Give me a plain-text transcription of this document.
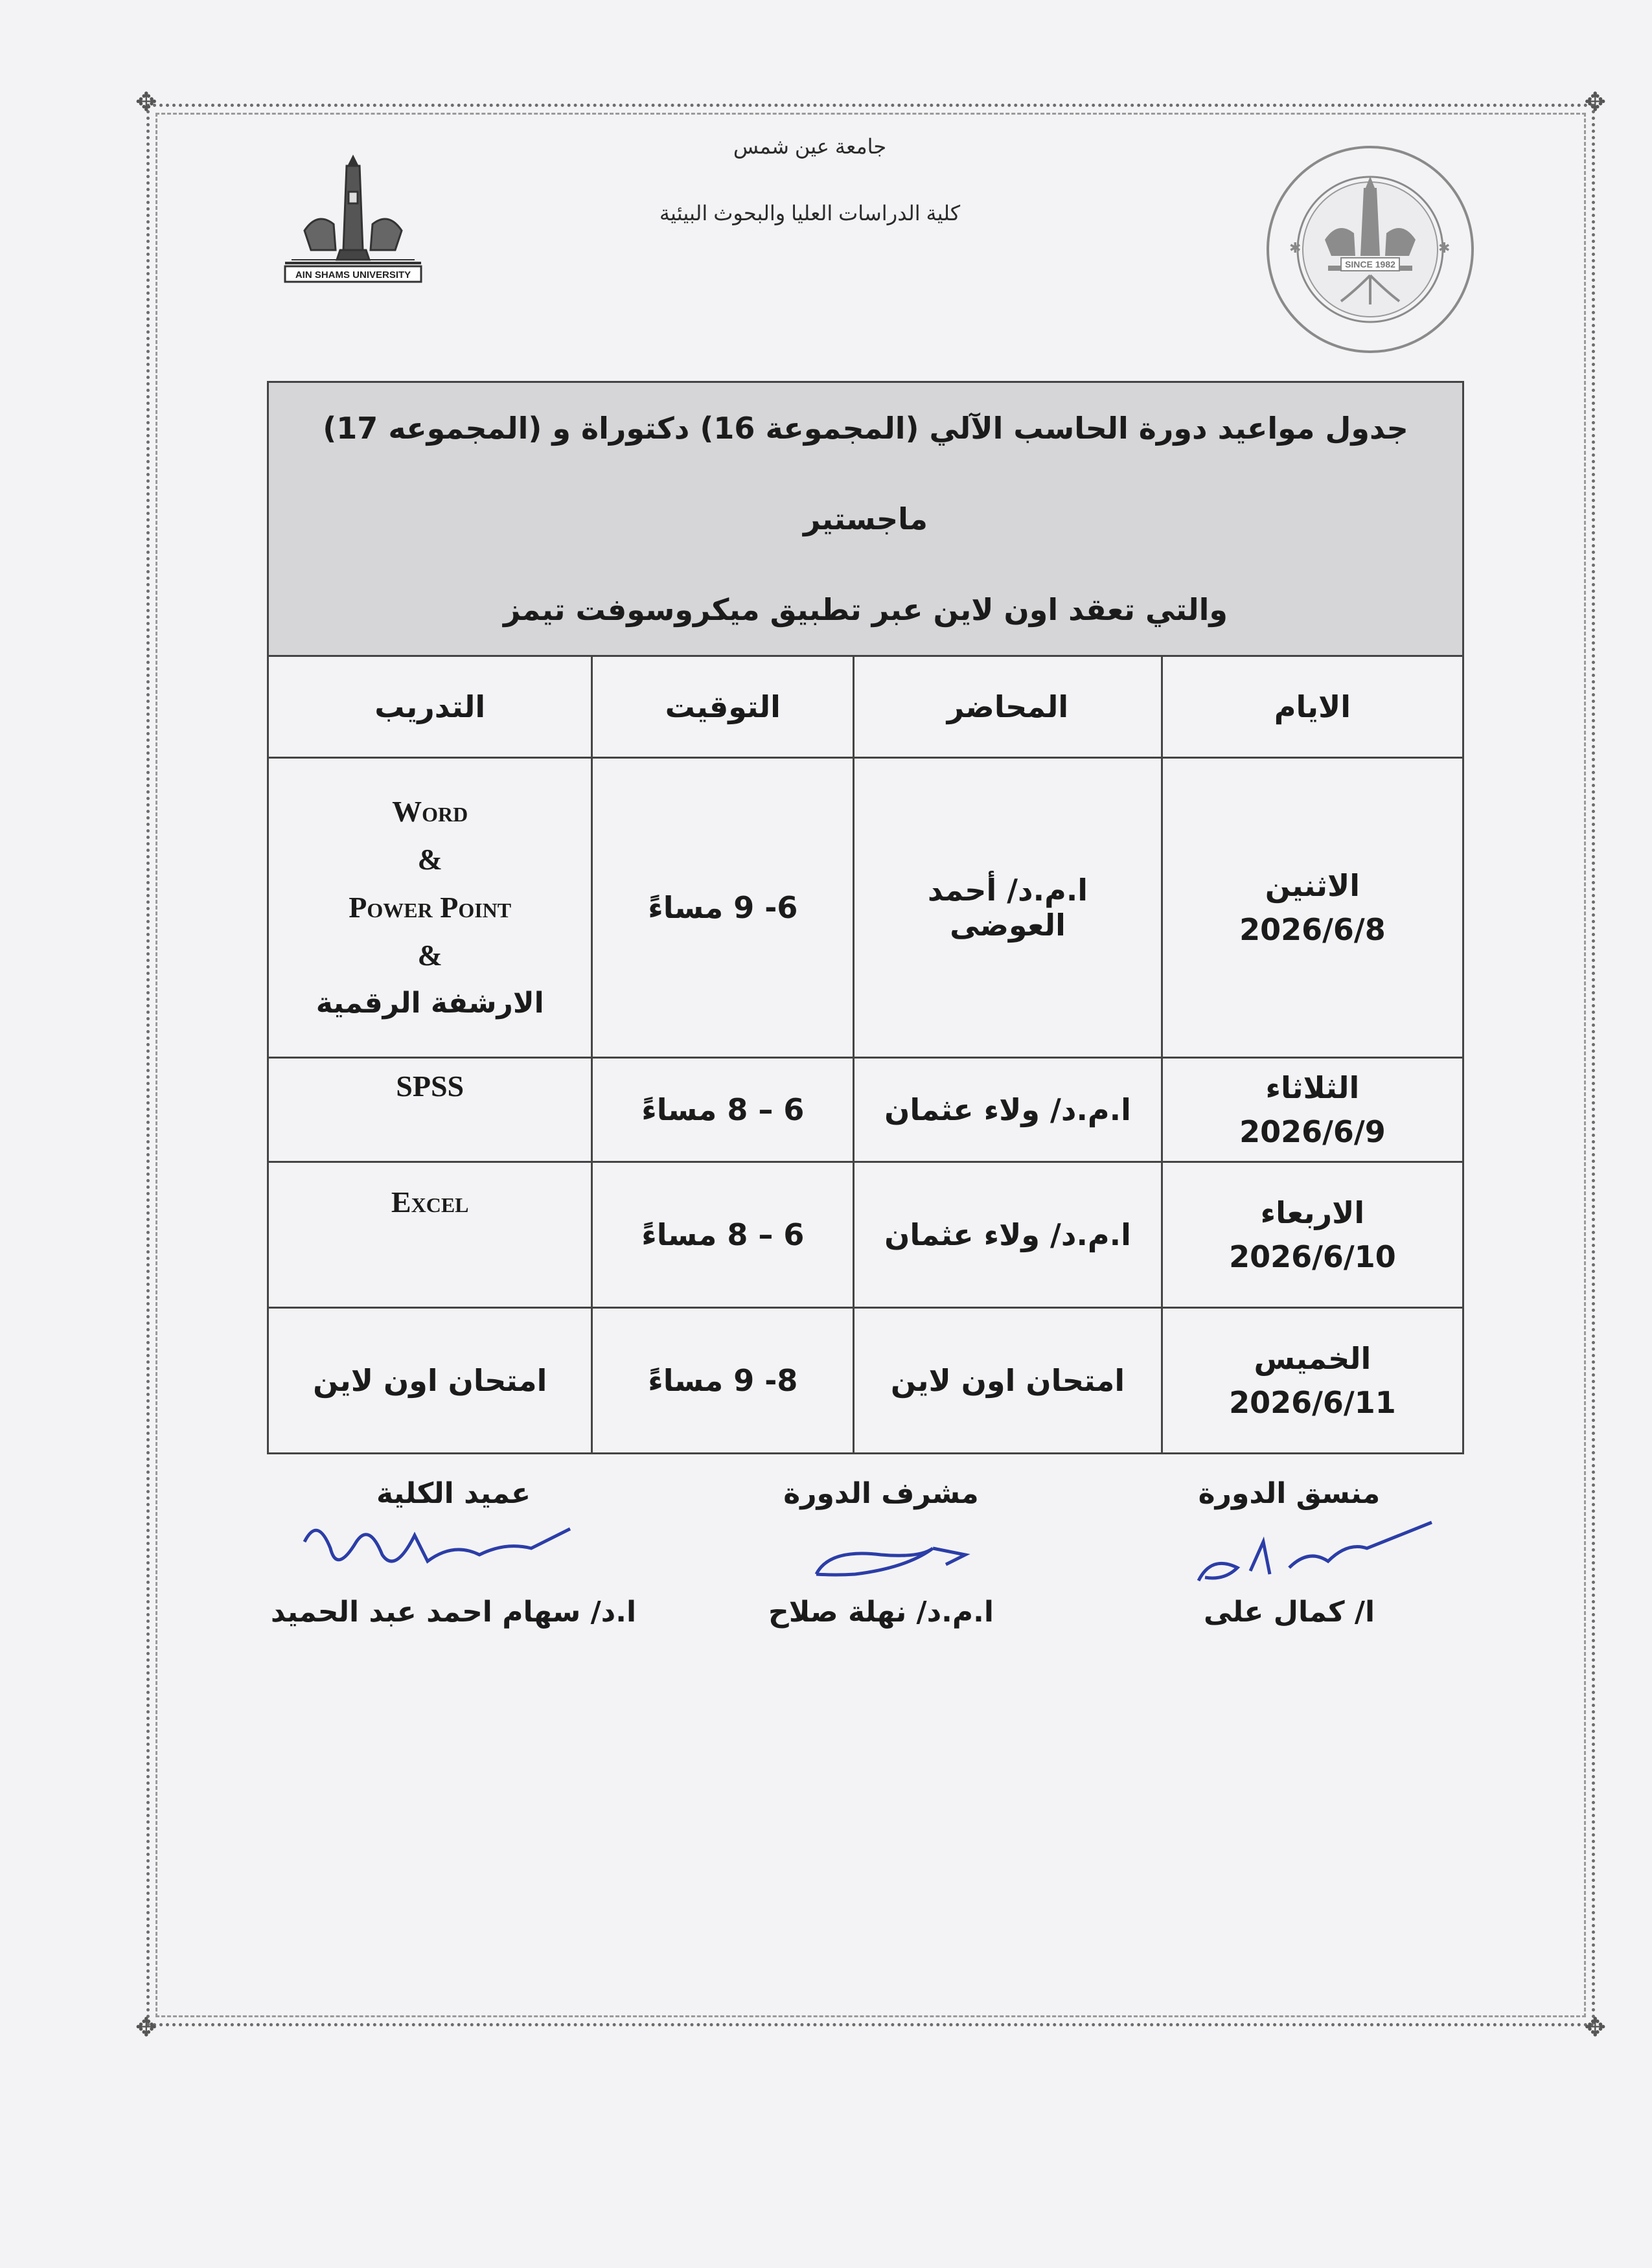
✥	✥
✥	✥
AIN SHAMS UNIVERSITY
SINCE 1982
✱	✱
جامعة عين شمس
كلية الدراسات العليا والبحوث البيئية
جدول مواعيد دورة الحاسب الآلي (المجموعة 16) دكتوراة و (المجموعه 17) ماجستير
والتي تعقد اون لاين عبر تطبيق ميكروسوفت تيمز			

الايام	المحاضر	التوقيت	التدريب

الاثنين
2026/6/8	ا.م.د/ أحمد العوضى	6- 9 مساءً	Word
&
Power Point
&
الارشفة الرقمية

الثلاثاء
2026/6/9	ا.م.د/ ولاء عثمان	6 – 8 مساءً	SPSS

الاربعاء
2026/6/10	ا.م.د/ ولاء عثمان	6 – 8 مساءً	Excel

الخميس
2026/6/11	امتحان اون لاين	8- 9 مساءً	امتحان اون لاين
عميد الكلية
ا.د/ سهام احمد عبد الحميد
مشرف الدورة
ا.م.د/ نهلة صلاح
منسق الدورة
ا/ كمال على
